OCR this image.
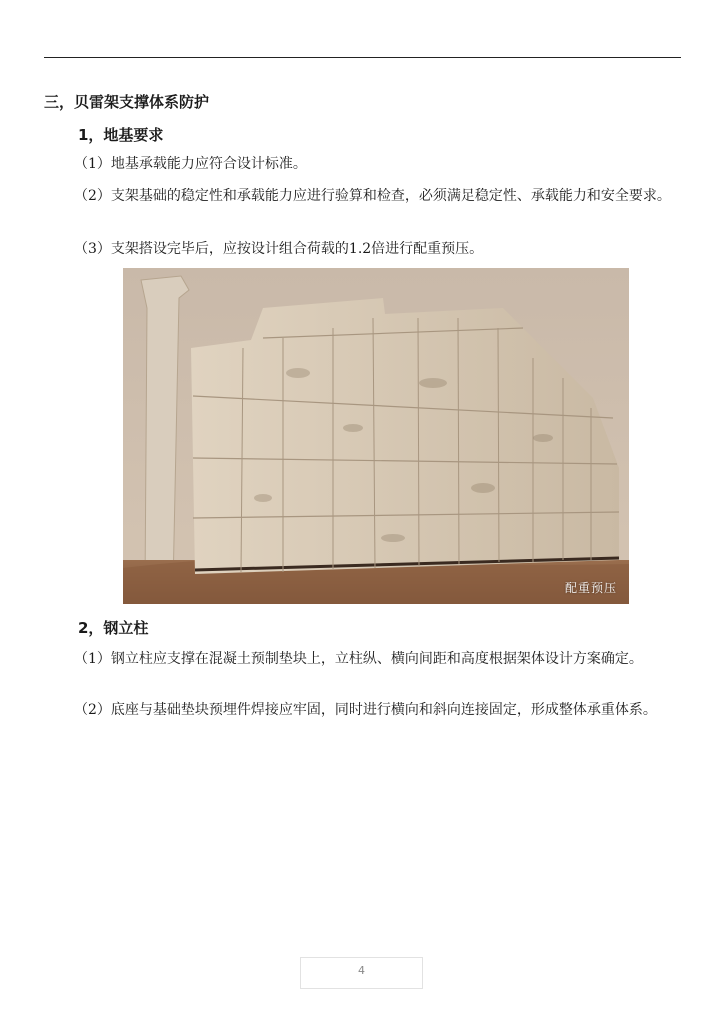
三，贝雷架支撑体系防护
1，地基要求
（1）地基承载能力应符合设计标准。
（2）支架基础的稳定性和承载能力应进行验算和检查，必须满足稳定性、承载能力和安全要求。
（3）支架搭设完毕后，应按设计组合荷载的1.2倍进行配重预压。
配重预压
2，钢立柱
（1）钢立柱应支撑在混凝土预制垫块上，立柱纵、横向间距和高度根据架体设计方案确定。
（2）底座与基础垫块预埋件焊接应牢固，同时进行横向和斜向连接固定，形成整体承重体系。
4
